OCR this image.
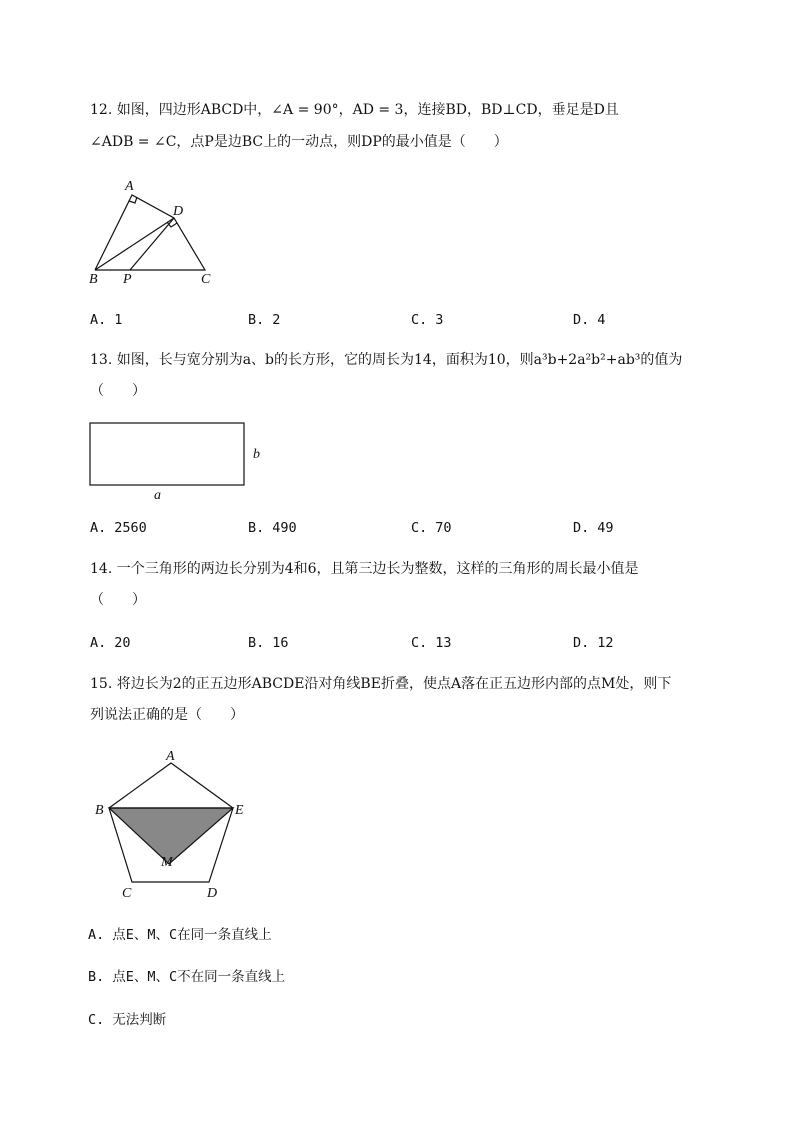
12. 如图，四边形ABCD中，∠A = 90°，AD = 3，连接BD，BD⊥CD，垂足是D且
∠ADB = ∠C，点P是边BC上的一动点，则DP的最小值是（　　）
A
D
B P	C
A. 1	B. 2	C. 3	D. 4
13. 如图，长与宽分别为a、b的长方形，它的周长为14，面积为10，则a³b+2a²b²+ab³的值为
（　　）
b
a
A. 2560	B. 490	C. 70	D. 49
14. 一个三角形的两边长分别为4和6，且第三边长为整数，这样的三角形的周长最小值是
（　　）
A. 20	B. 16	C. 13	D. 12
15. 将边长为2的正五边形ABCDE沿对角线BE折叠，使点A落在正五边形内部的点M处，则下
列说法正确的是（　　）
A
B	E
M
C	D
A. 点E、M、C在同一条直线上
B. 点E、M、C不在同一条直线上
C. 无法判断
